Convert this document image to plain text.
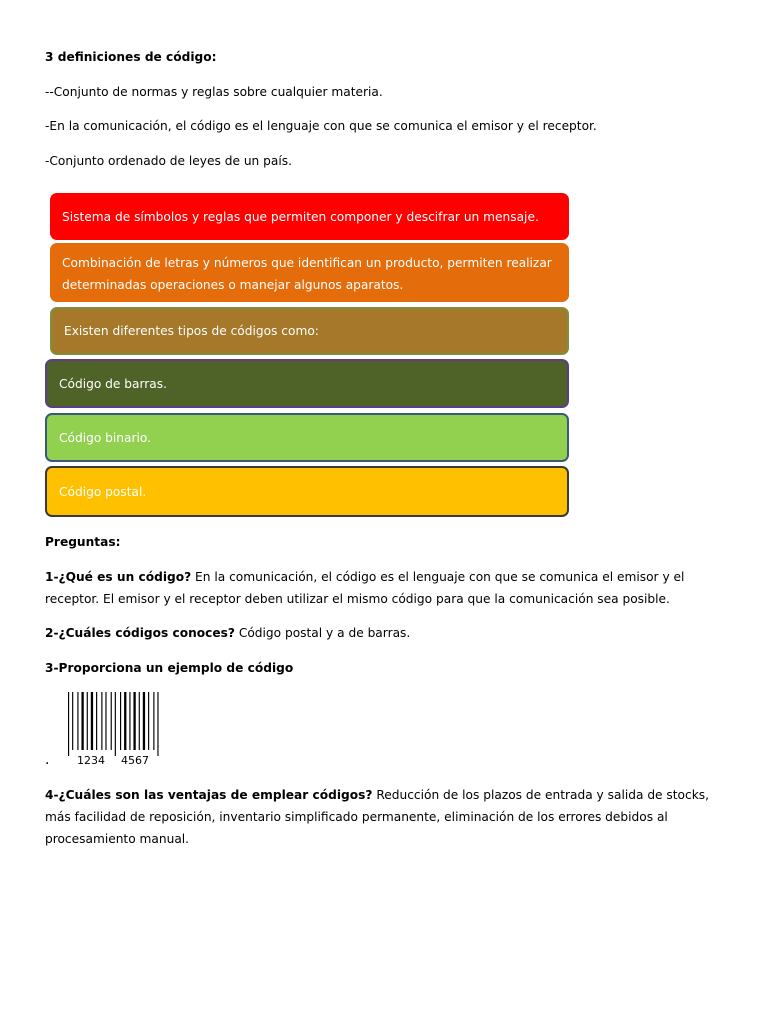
3 definiciones de código:
--Conjunto de normas y reglas sobre cualquier materia.
-En la comunicación, el código es el lenguaje con que se comunica el emisor y el receptor.
-Conjunto ordenado de leyes de un país.
Sistema de símbolos y reglas que permiten componer y descifrar un mensaje.
Combinación de letras y números que identifican un producto, permiten realizar determinadas operaciones o manejar algunos aparatos.
Existen diferentes tipos de códigos como:
Código de barras.
Código binario.
Código postal.
Preguntas:
1-¿Qué es un código? En la comunicación, el código es el lenguaje con que se comunica el emisor y el receptor. El emisor y el receptor deben utilizar el mismo código para que la comunicación sea posible.
2-¿Cuáles códigos conoces? Código postal y a de barras.
3-Proporciona un ejemplo de código
1234 4567
.
4-¿Cuáles son las ventajas de emplear códigos? Reducción de los plazos de entrada y salida de stocks, más facilidad de reposición, inventario simplificado permanente, eliminación de los errores debidos al procesamiento manual.
